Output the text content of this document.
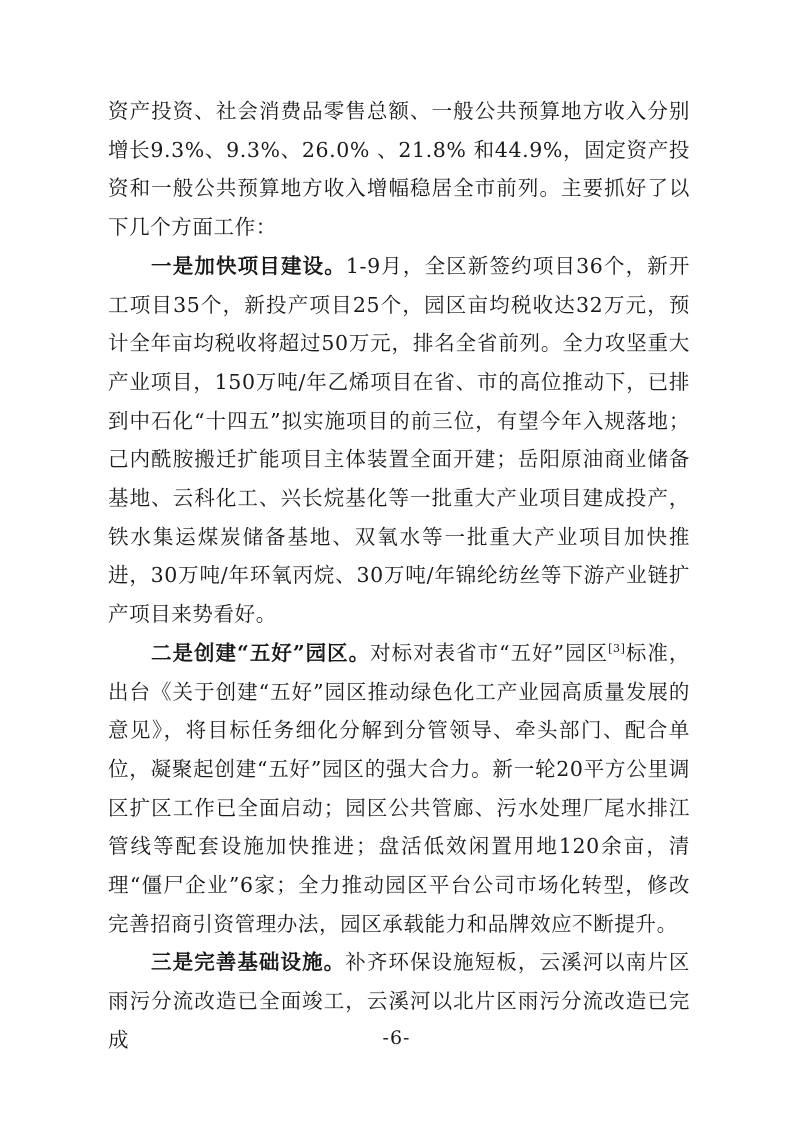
资产投资、社会消费品零售总额、一般公共预算地方收入分别增长9.3%、9.3%、26.0% 、21.8% 和44.9%，固定资产投资和一般公共预算地方收入增幅稳居全市前列。主要抓好了以下几个方面工作：

一是加快项目建设。1-9月，全区新签约项目36个，新开工项目35个，新投产项目25个，园区亩均税收达32万元，预计全年亩均税收将超过50万元，排名全省前列。全力攻坚重大产业项目，150万吨/年乙烯项目在省、市的高位推动下，已排到中石化“十四五”拟实施项目的前三位，有望今年入规落地；己内酰胺搬迁扩能项目主体装置全面开建；岳阳原油商业储备基地、云科化工、兴长烷基化等一批重大产业项目建成投产，铁水集运煤炭储备基地、双氧水等一批重大产业项目加快推进，30万吨/年环氧丙烷、30万吨/年锦纶纺丝等下游产业链扩产项目来势看好。

二是创建“五好”园区。对标对表省市“五好”园区[3]标准，出台《关于创建“五好”园区推动绿色化工产业园高质量发展的意见》，将目标任务细化分解到分管领导、牵头部门、配合单位，凝聚起创建“五好”园区的强大合力。新一轮20平方公里调区扩区工作已全面启动；园区公共管廊、污水处理厂尾水排江管线等配套设施加快推进；盘活低效闲置用地120余亩，清理“僵尸企业”6家；全力推动园区平台公司市场化转型，修改完善招商引资管理办法，园区承载能力和品牌效应不断提升。

三是完善基础设施。补齐环保设施短板，云溪河以南片区雨污分流改造已全面竣工，云溪河以北片区雨污分流改造已完成	-6-
